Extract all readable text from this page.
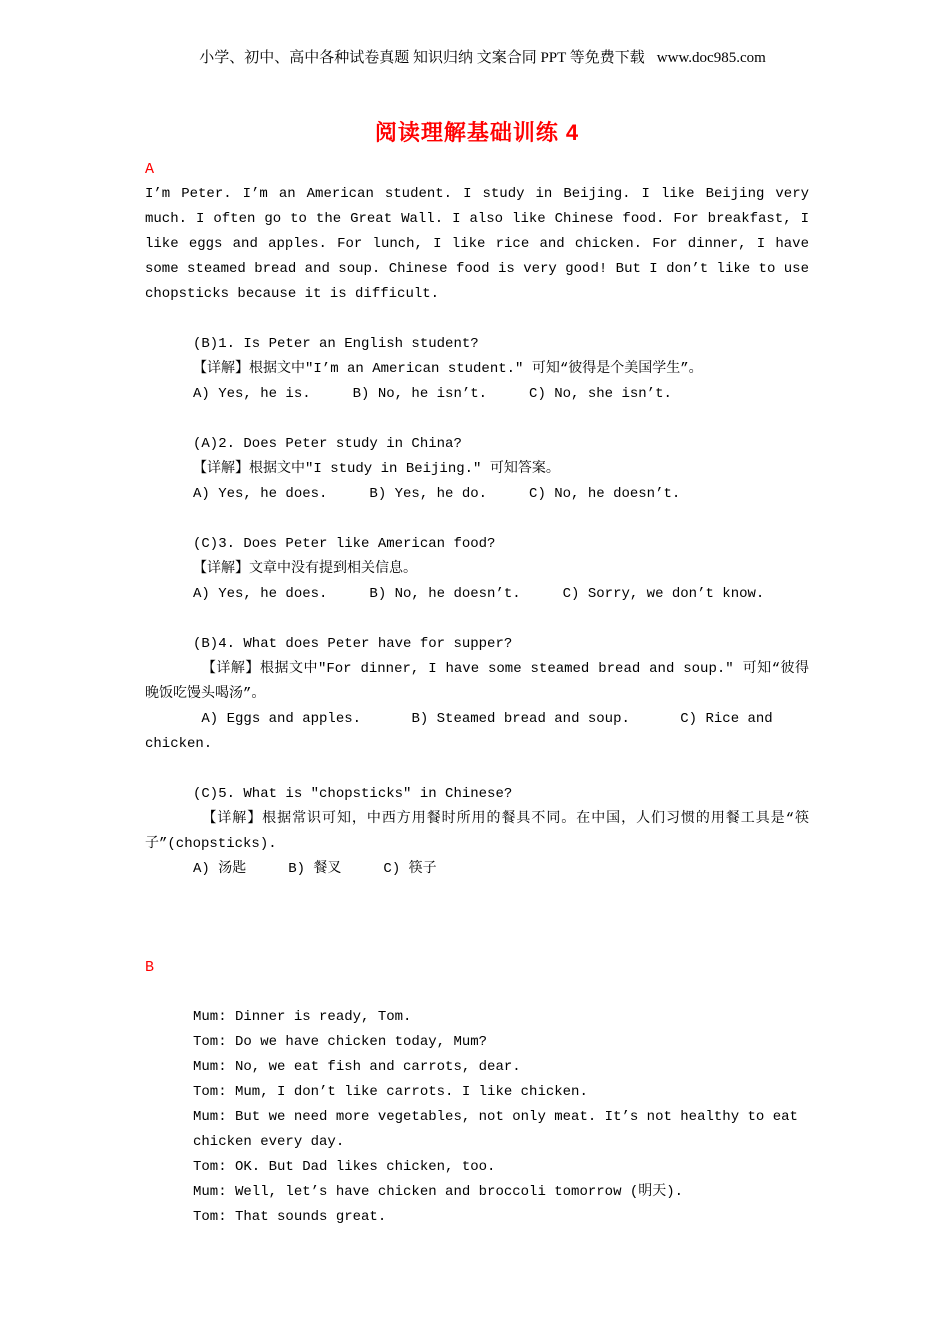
小学、初中、高中各种试卷真题 知识归纳 文案合同 PPT 等免费下载 www.doc985.com

阅读理解基础训练 4
A

I’m Peter. I’m an American student. I study in Beijing. I like Beijing very much. I often go to the Great Wall. I also like Chinese food. For breakfast, I like eggs and apples. For lunch, I like rice and chicken. For dinner, I have some steamed bread and soup. Chinese food is very good! But I don’t like to use chopsticks because it is difficult.

(B)1. Is Peter an English student?

【详解】根据文中"I’m an American student." 可知“彼得是个美国学生”。

A) Yes, he is.     B) No, he isn’t.     C) No, she isn’t.

(A)2. Does Peter study in China?

【详解】根据文中"I study in Beijing." 可知答案。

A) Yes, he does.     B) Yes, he do.     C) No, he doesn’t.

(C)3. Does Peter like American food?

【详解】文章中没有提到相关信息。

A) Yes, he does.     B) No, he doesn’t.     C) Sorry, we don’t know.

(B)4. What does Peter have for supper?

【详解】根据文中"For dinner, I have some steamed bread and soup." 可知“彼得晚饭吃馒头喝汤”。

A) Eggs and apples.      B) Steamed bread and soup.      C) Rice and chicken.

(C)5. What is "chopsticks" in Chinese?

【详解】根据常识可知，中西方用餐时所用的餐具不同。在中国，人们习惯的用餐工具是“筷子”(chopsticks).

A) 汤匙     B) 餐叉     C) 筷子

B

Mum: Dinner is ready, Tom.

Tom: Do we have chicken today, Mum?

Mum: No, we eat fish and carrots, dear.

Tom: Mum, I don’t like carrots. I like chicken.

Mum: But we need more vegetables, not only meat. It’s not healthy to eat chicken every day.

Tom: OK. But Dad likes chicken, too.

Mum: Well, let’s have chicken and broccoli tomorrow (明天).

Tom: That sounds great.
